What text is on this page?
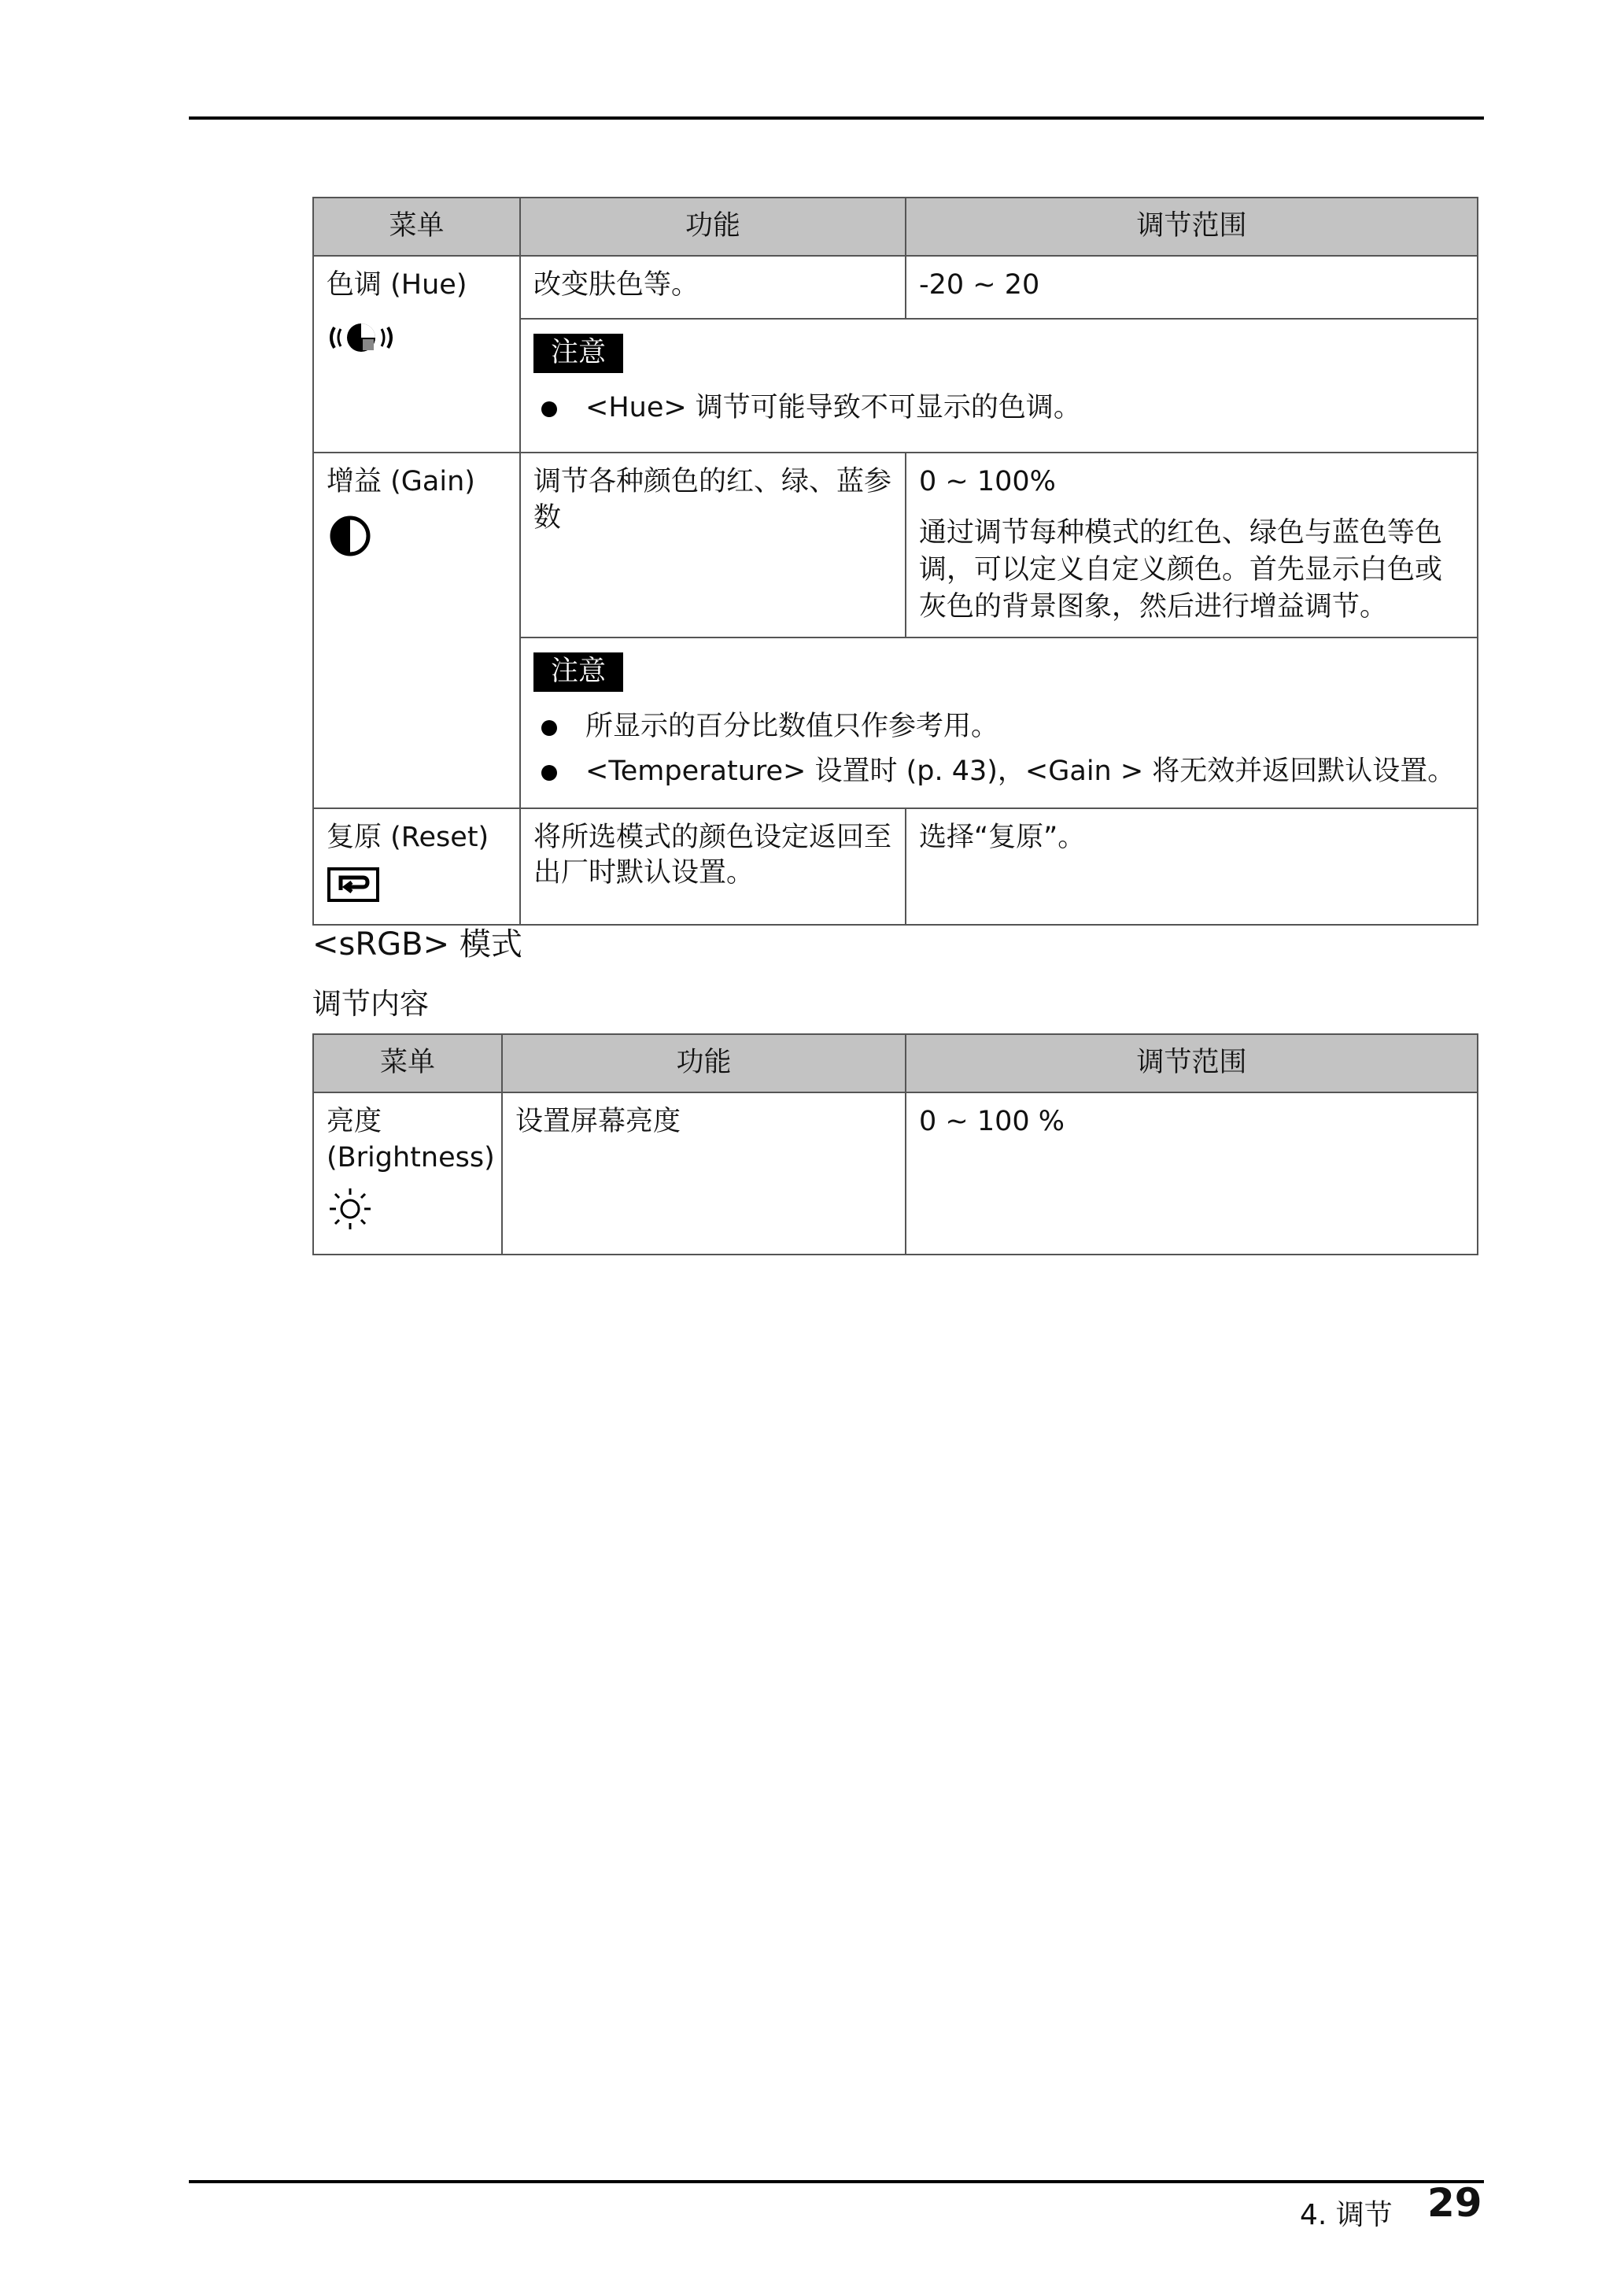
菜单	功能	调节范围

色调 (Hue)	改变肤色等。	-20 ~ 20
	注意
<Hue> 调节可能导致不可显示的色调。	

增益 (Gain)	调节各种颜色的红、绿、蓝参数	0 ~ 100%
通过调节每种模式的红色、绿色与蓝色等色调，可以定义自定义颜色。首先显示白色或灰色的背景图象，然后进行增益调节。

	注意
所显示的百分比数值只作参考用。
<Temperature> 设置时 (p. 43)，<Gain > 将无效并返回默认设置。	

复原 (Reset)	将所选模式的颜色设定返回至出厂时默认设置。	选择“复原”。
<sRGB> 模式
调节内容
菜单	功能	调节范围

亮度 (Brightness)	设置屏幕亮度	0 ~ 100 %
4. 调节 29
